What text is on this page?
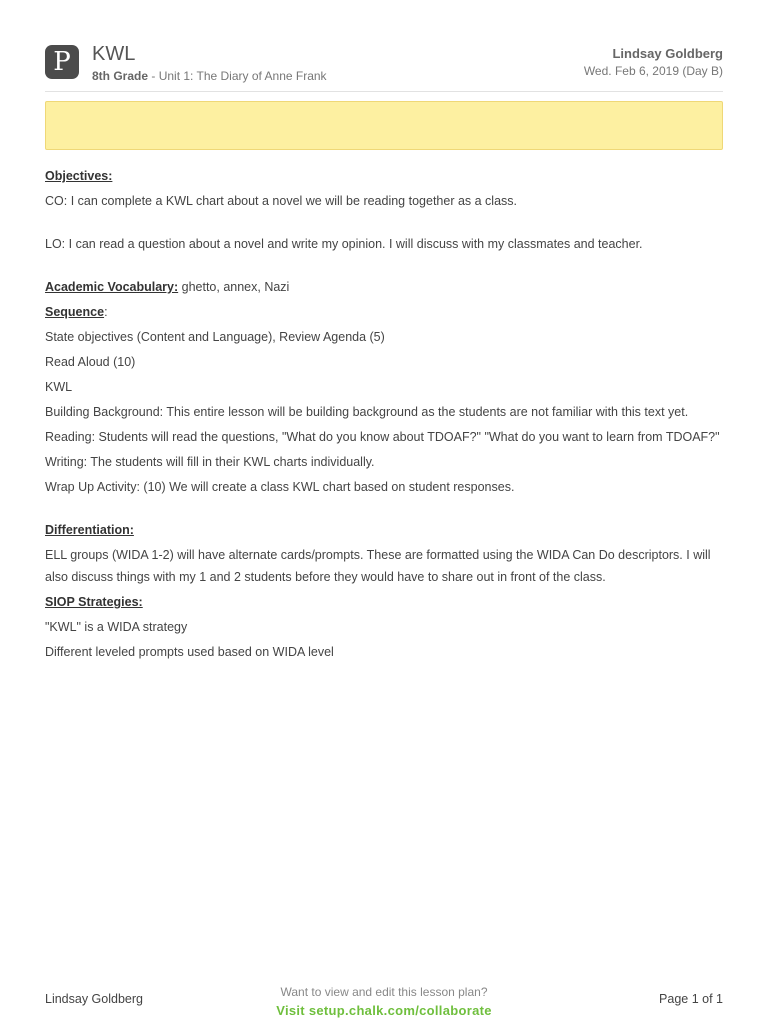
P	KWL
8th Grade - Unit 1: The Diary of Anne Frank
Lindsay Goldberg
Wed. Feb 6, 2019 (Day B)

Objectives:

CO: I can complete a KWL chart about a novel we will be reading together as a class.

LO: I can read a question about a novel and write my opinion. I will discuss with my classmates and teacher.

Academic Vocabulary: ghetto, annex, Nazi

Sequence:

State objectives (Content and Language), Review Agenda (5)

Read Aloud (10)

KWL

Building Background: This entire lesson will be building background as the students are not familiar with this text yet.

Reading: Students will read the questions, "What do you know about TDOAF?" "What do you want to learn from TDOAF?"

Writing: The students will fill in their KWL charts individually.

Wrap Up Activity: (10) We will create a class KWL chart based on student responses.

Differentiation:

ELL groups (WIDA 1-2) will have alternate cards/prompts. These are formatted using the WIDA Can Do descriptors. I will also discuss things with my 1 and 2 students before they would have to share out in front of the class.

SIOP Strategies:

"KWL" is a WIDA strategy

Different leveled prompts used based on WIDA level

Lindsay Goldberg	Want to view and edit this lesson plan?
Visit setup.chalk.com/collaborate
Page 1 of 1
